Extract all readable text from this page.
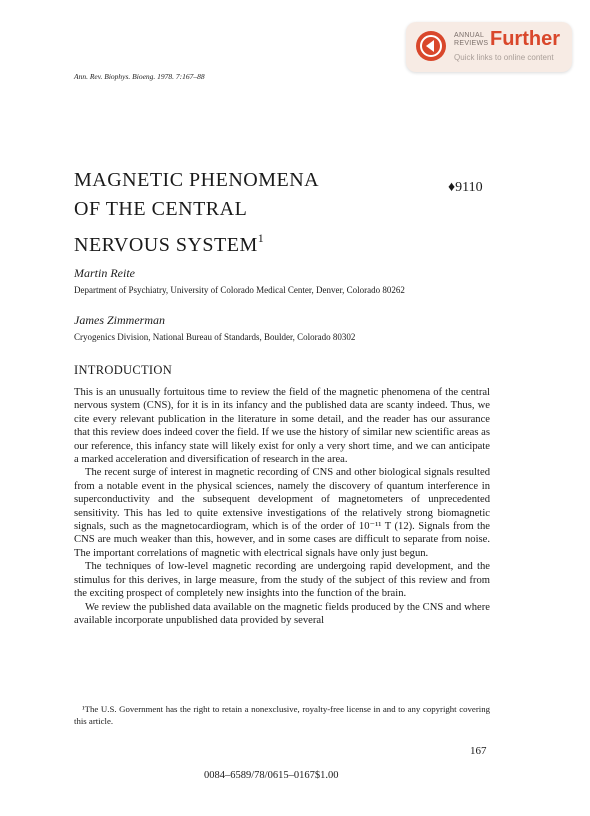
ANNUAL
REVIEWS Further
Quick links to online content
Ann. Rev. Biophys. Bioeng. 1978. 7:167–88
MAGNETIC PHENOMENA
OF THE CENTRAL
NERVOUS SYSTEM$^1$
♦9110
Martin Reite
Department of Psychiatry, University of Colorado Medical Center, Denver, Colorado 80262
James Zimmerman
Cryogenics Division, National Bureau of Standards, Boulder, Colorado 80302
INTRODUCTION

This is an unusually fortuitous time to review the field of the magnetic phenomena of the central nervous system (CNS), for it is in its infancy and the published data are scanty indeed. Thus, we cite every relevant publication in the literature in some detail, and the reader has our assurance that this review does indeed cover the field. If we use the history of similar new scientific areas as our reference, this infancy state will likely exist for only a very short time, and we can anticipate a marked acceleration and diversification of research in the area.

The recent surge of interest in magnetic recording of CNS and other biological signals resulted from a notable event in the physical sciences, namely the discovery of quantum interference in superconductivity and the subsequent development of magnetometers of unprecedented sensitivity. This has led to quite extensive investigations of the relatively strong biomagnetic signals, such as the magnetocardiogram, which is of the order of 10⁻¹¹ T (12). Signals from the CNS are much weaker than this, however, and in some cases are difficult to separate from noise. The important correlations of magnetic with electrical signals have only just begun.

The techniques of low-level magnetic recording are undergoing rapid development, and the stimulus for this derives, in large measure, from the study of the subject of this review and from the exciting prospect of completely new insights into the function of the brain.

We review the published data available on the magnetic fields produced by the CNS and where available incorporate unpublished data provided by several

¹The U.S. Government has the right to retain a nonexclusive, royalty-free license in and to any copyright covering this article.

167
0084–6589/78/0615–0167$1.00
